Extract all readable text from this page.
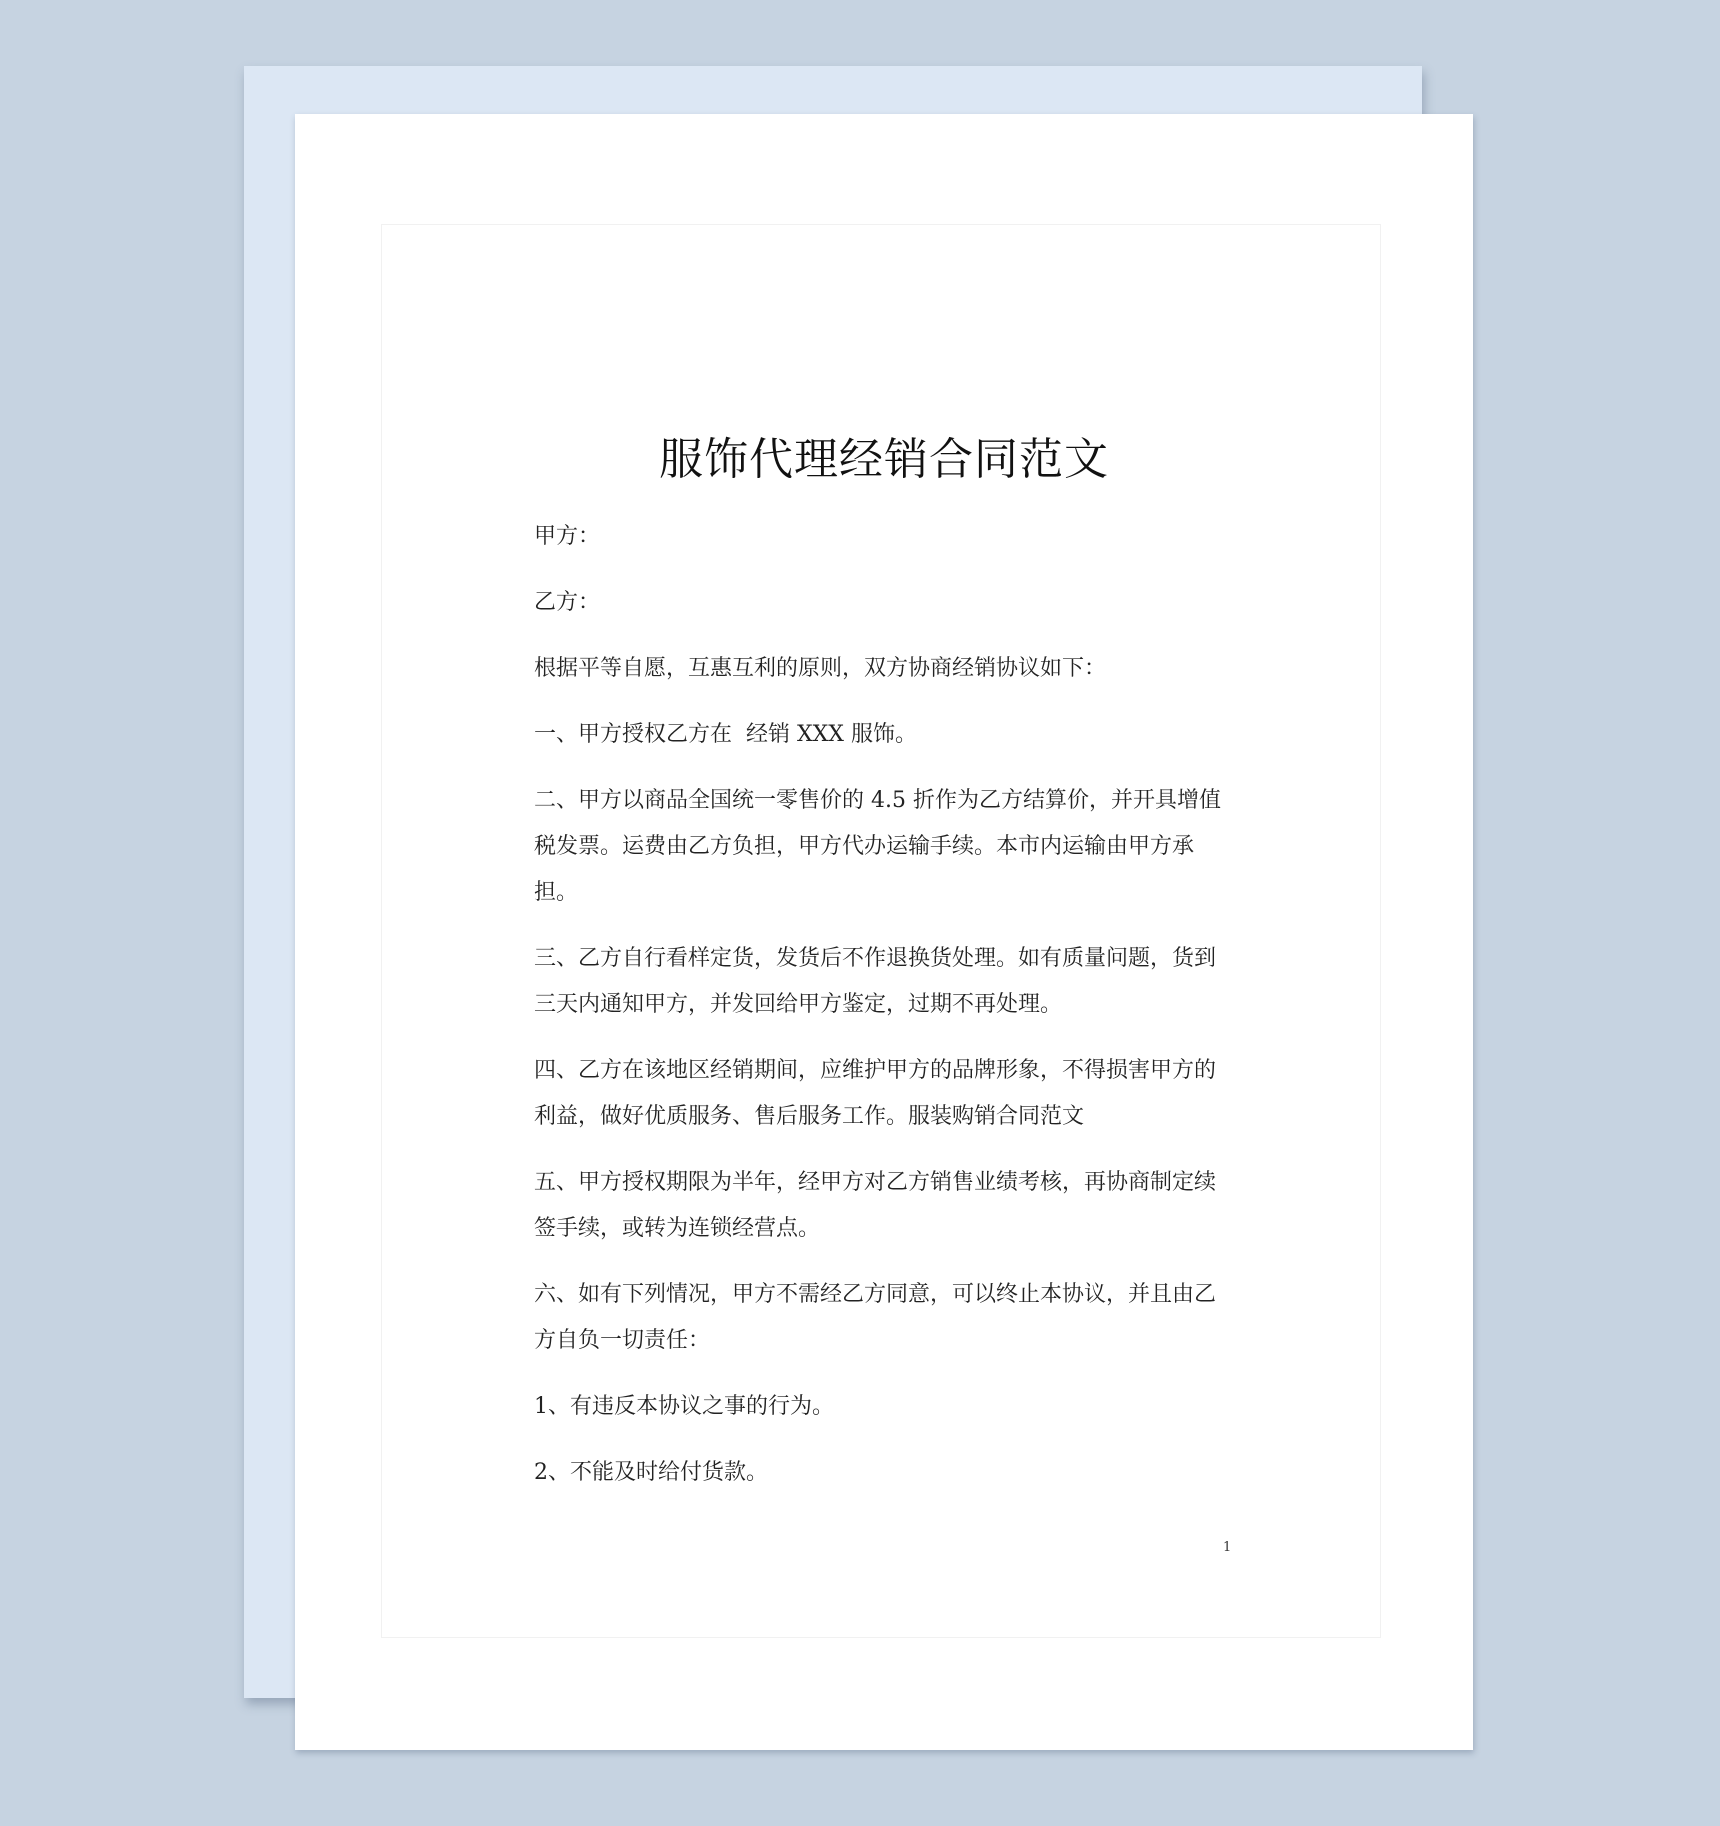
服饰代理经销合同范文

甲方：

乙方：

根据平等自愿，互惠互利的原则，双方协商经销协议如下：

一、甲方授权乙方在  经销 XXX 服饰。

二、甲方以商品全国统一零售价的 4.5 折作为乙方结算价，并开具增值税发票。运费由乙方负担，甲方代办运输手续。本市内运输由甲方承担。

三、乙方自行看样定货，发货后不作退换货处理。如有质量问题，货到三天内通知甲方，并发回给甲方鉴定，过期不再处理。

四、乙方在该地区经销期间，应维护甲方的品牌形象，不得损害甲方的利益，做好优质服务、售后服务工作。服装购销合同范文

五、甲方授权期限为半年，经甲方对乙方销售业绩考核，再协商制定续签手续，或转为连锁经营点。

六、如有下列情况，甲方不需经乙方同意，可以终止本协议，并且由乙方自负一切责任：

1、有违反本协议之事的行为。

2、不能及时给付货款。

1
